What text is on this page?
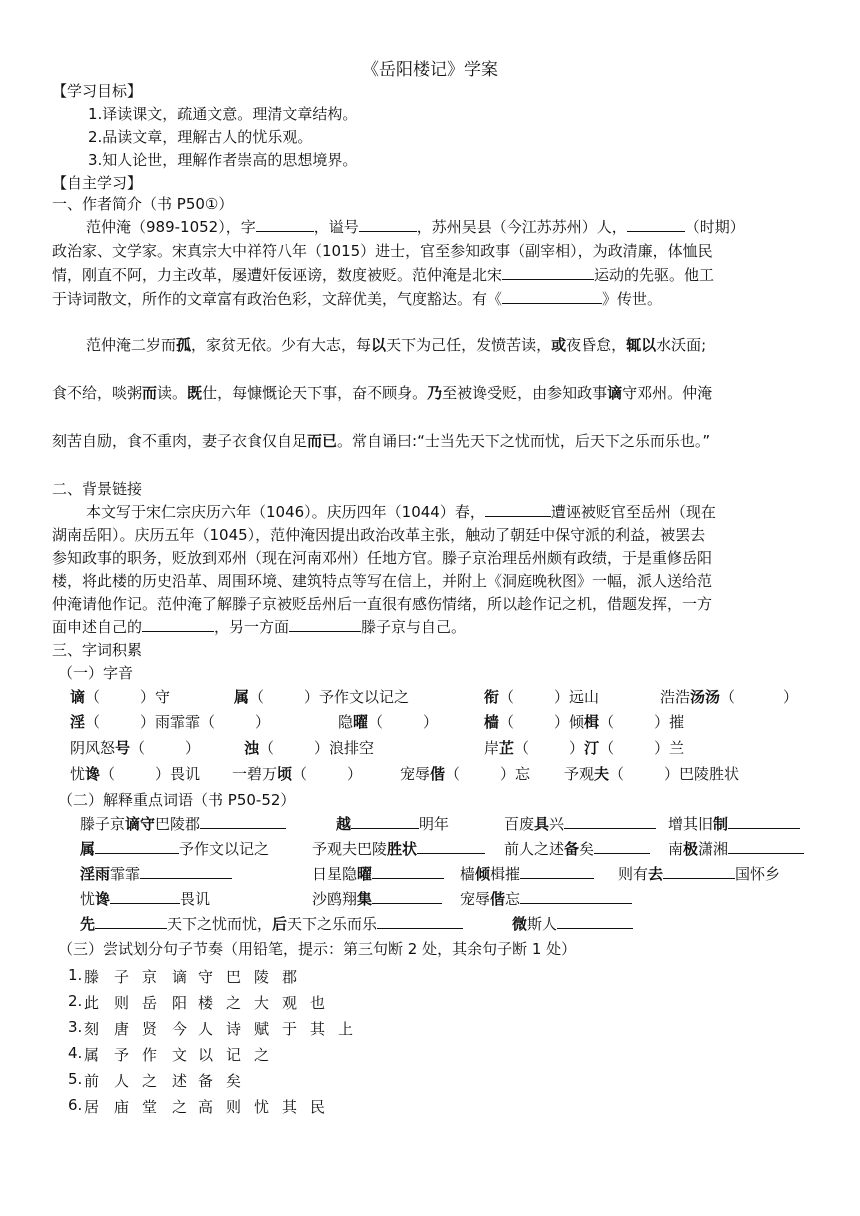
《岳阳楼记》学案
【学习目标】
1.译读课文，疏通文意。理清文章结构。
2.品读文章，理解古人的忧乐观。
3.知人论世，理解作者崇高的思想境界。
【自主学习】
一、作者简介（书 P50①）
范仲淹（989-1052），字	，谥号	，苏州吴县（今江苏苏州）人，	（时期）
政治家、文学家。宋真宗大中祥符八年（1015）进士，官至参知政事（副宰相），为政清廉，体恤民
情，刚直不阿，力主改革，屡遭奸佞诬谤，数度被贬。范仲淹是北宋	运动的先驱。他工
于诗词散文，所作的文章富有政治色彩，文辞优美，气度豁达。有《	》传世。
范仲淹二岁而孤，家贫无依。少有大志，每以天下为己任，发愤苦读，或夜昏怠，辄以水沃面;
食不给，啖粥而读。既仕，每慷慨论天下事，奋不顾身。乃至被谗受贬，由参知政事谪守邓州。仲淹
刻苦自励，食不重肉，妻子衣食仅自足而已。常自诵曰:“士当先天下之忧而忧，后天下之乐而乐也。”
二、背景链接
本文写于宋仁宗庆历六年（1046）。庆历四年（1044）春，	遭诬被贬官至岳州（现在
湖南岳阳）。庆历五年（1045），范仲淹因提出政治改革主张，触动了朝廷中保守派的利益，被罢去
参知政事的职务，贬放到邓州（现在河南邓州）任地方官。滕子京治理岳州颇有政绩，于是重修岳阳
楼，将此楼的历史沿革、周围环境、建筑特点等写在信上，并附上《洞庭晚秋图》一幅，派人送给范
仲淹请他作记。范仲淹了解滕子京被贬岳州后一直很有感伤情绪，所以趁作记之机，借题发挥，一方
面申述自己的	，另一方面	滕子京与自己。
三、字词积累
（一）字音
谪（	）守	属（	）予作文以记之	衔（	）远山	浩浩汤汤（	）
淫（	）雨霏霏（	）	隐曜（	）	樯（	）倾楫（	）摧
阴风怒号（	）	浊（	）浪排空	岸芷（	）汀（	）兰
忧谗（	）畏讥 一碧万顷（	）	宠辱偕（	）忘 予观夫（	）巴陵胜状
（二）解释重点词语（书 P50-52）
滕子京谪守巴陵郡	越	明年	百废具兴	增其旧制
属	予作文以记之	予观夫巴陵胜状	前人之述备矣	南极潇湘
淫雨霏霏	日星隐曜	樯倾楫摧	则有去	国怀乡
忧谗	畏讥	沙鸥翔集	宠辱偕忘
先	天下之忧而忧，后天下之乐而乐	微斯人
（三）尝试划分句子节奏（用铅笔，提示：第三句断 2 处，其余句子断 1 处）
1. 滕 子 京 谪 守 巴 陵 郡
2. 此 则 岳 阳 楼 之 大 观 也
3. 刻 唐 贤 今 人 诗 赋 于 其 上
4. 属 予 作 文 以 记 之
5. 前 人 之 述 备 矣
6. 居 庙 堂 之 高 则 忧 其 民
